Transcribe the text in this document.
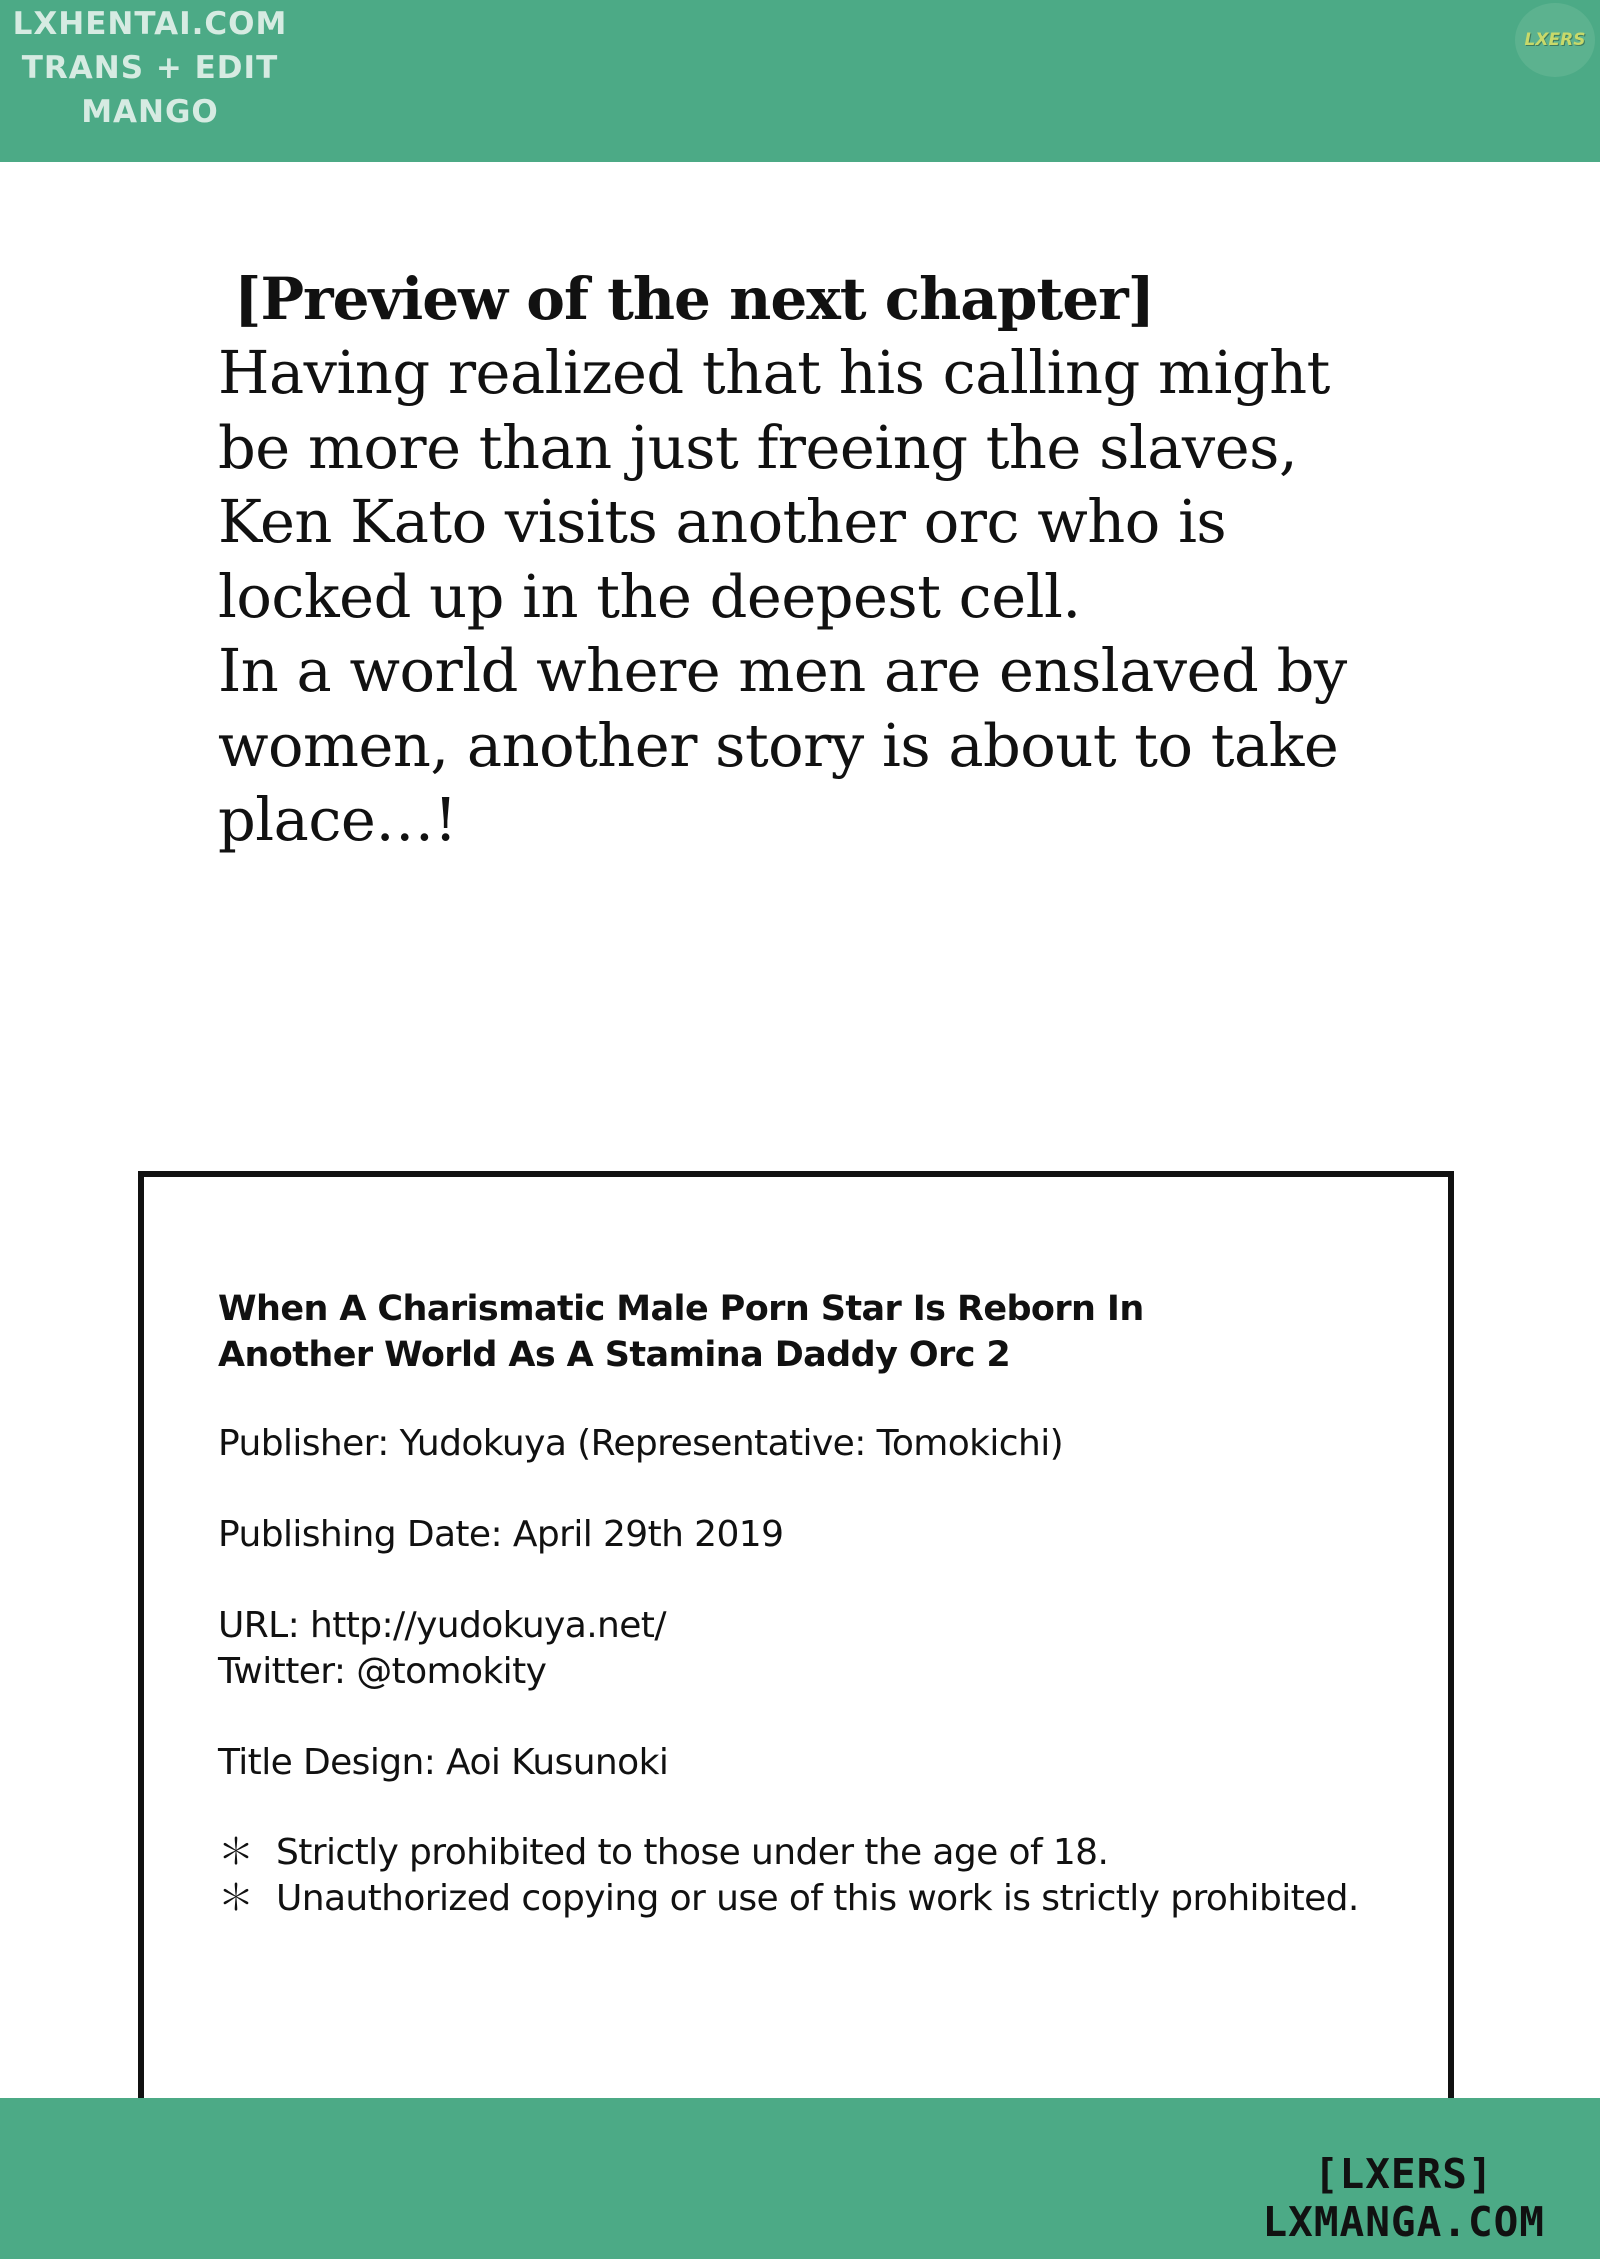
LXHENTAI.COM
TRANS + EDIT
MANGO
LXERS
[Preview of the next chapter]
Having realized that his calling might
be more than just freeing the slaves,
Ken Kato visits another orc who is
locked up in the deepest cell.
In a world where men are enslaved by
women, another story is about to take
place…!
When A Charismatic Male Porn Star Is Reborn In
Another World As A Stamina Daddy Orc 2
Publisher: Yudokuya (Representative: Tomokichi)
Publishing Date: April 29th 2019
URL: http://yudokuya.net/
Twitter: @tomokity
Title Design: Aoi Kusunoki
＊ Strictly prohibited to those under the age of 18.
＊ Unauthorized copying or use of this work is strictly prohibited.
[LXERS]
LXMANGA.COM
